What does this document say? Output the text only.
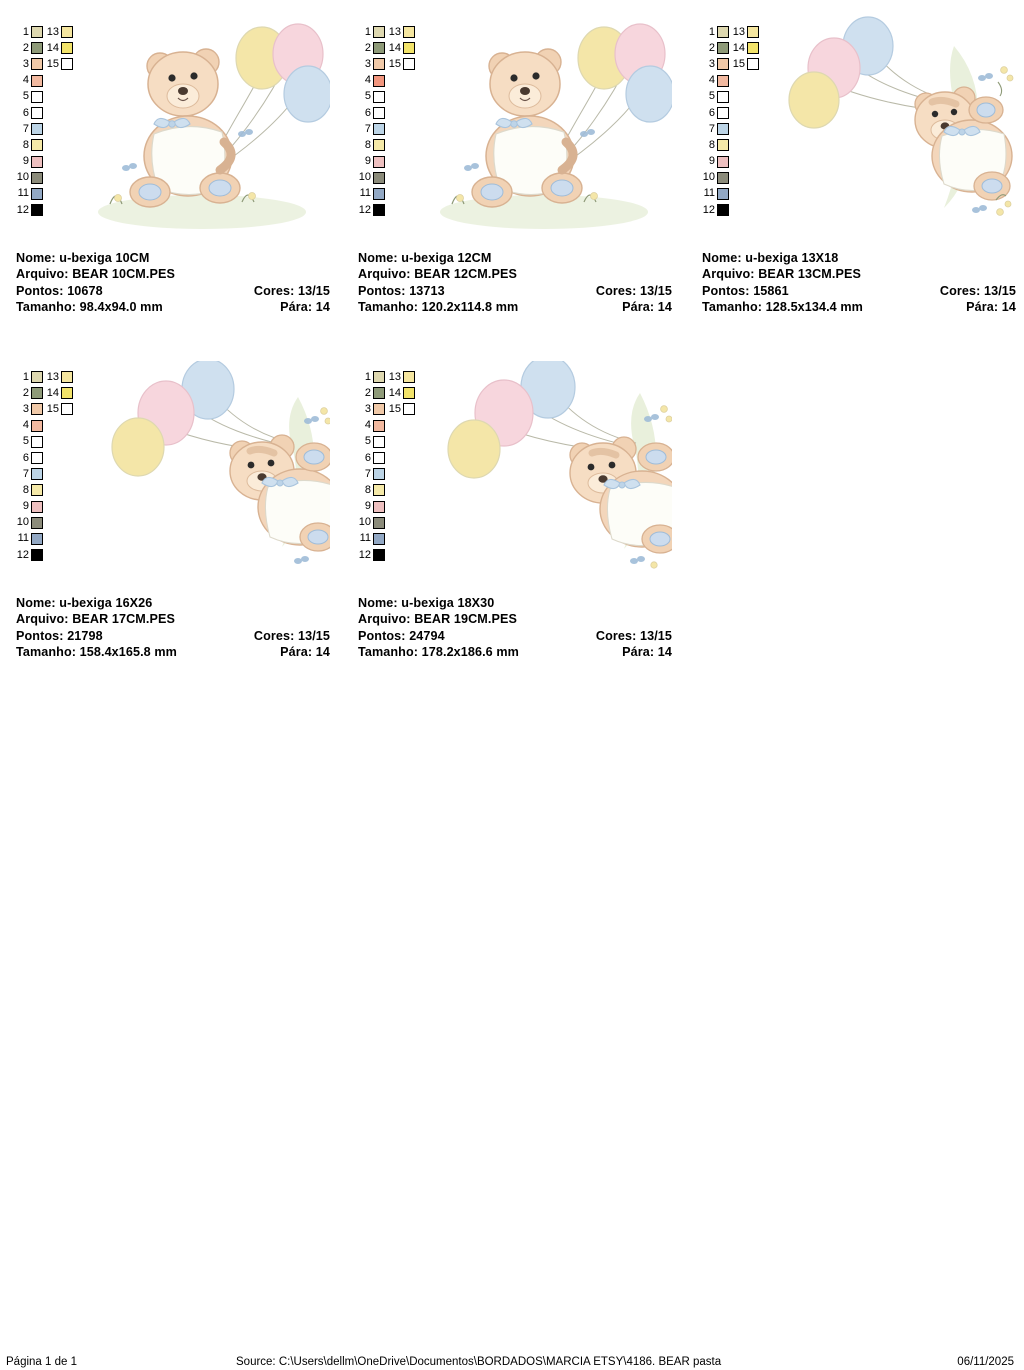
1	13
2	14
3	15
4
5
6
7
8
9
10
11
12
Nome: u-bexiga 10CM
Arquivo: BEAR 10CM.PES
Pontos: 10678	Cores: 13/15
Tamanho: 98.4x94.0 mm	Pára: 14
1	13
2	14
3	15
4
5
6
7
8
9
10
11
12
Nome: u-bexiga 12CM
Arquivo: BEAR 12CM.PES
Pontos: 13713	Cores: 13/15
Tamanho: 120.2x114.8 mm	Pára: 14
1	13
2	14
3	15
4
5
6
7
8
9
10
11
12
Nome: u-bexiga 13X18
Arquivo: BEAR 13CM.PES
Pontos: 15861	Cores: 13/15
Tamanho: 128.5x134.4 mm	Pára: 14
1	13
2	14
3	15
4
5
6
7
8
9
10
11
12
Nome: u-bexiga 16X26
Arquivo: BEAR 17CM.PES
Pontos: 21798	Cores: 13/15
Tamanho: 158.4x165.8 mm	Pára: 14
1	13
2	14
3	15
4
5
6
7
8
9
10
11
12
Nome: u-bexiga 18X30
Arquivo: BEAR 19CM.PES
Pontos: 24794	Cores: 13/15
Tamanho: 178.2x186.6 mm	Pára: 14
Página 1 de 1	Source: C:\Users\dellm\OneDrive\Documentos\BORDADOS\MARCIA ETSY\4186. BEAR pasta	06/11/2025
